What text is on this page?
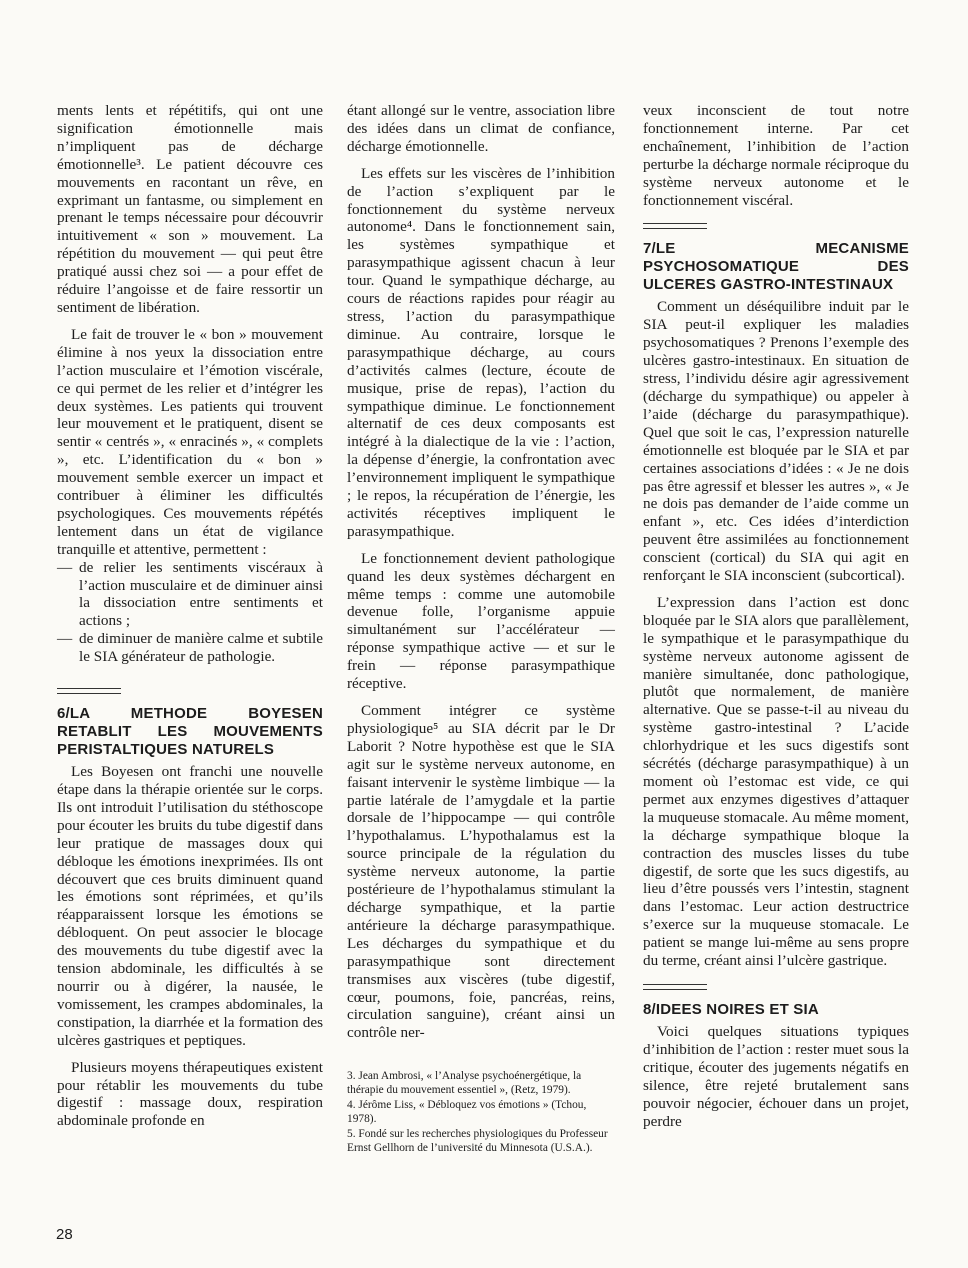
ments lents et répétitifs, qui ont une signification émotionnelle mais n’impliquent pas de décharge émotionnelle³. Le patient découvre ces mouvements en racontant un rêve, en exprimant un fantasme, ou simplement en prenant le temps nécessaire pour découvrir intuitivement « son » mouvement. La répétition du mouvement — qui peut être pratiqué aussi chez soi — a pour effet de réduire l’angoisse et de faire ressortir un sentiment de libération.

Le fait de trouver le « bon » mouvement élimine à nos yeux la dissociation entre l’action musculaire et l’émotion viscérale, ce qui permet de les relier et d’intégrer les deux systèmes. Les patients qui trouvent leur mouvement et le pratiquent, disent se sentir « centrés », « enracinés », « complets », etc. L’identification du « bon » mouvement semble exercer un impact et contribuer à éliminer les difficultés psychologiques. Ces mouvements répétés lentement dans un état de vigilance tranquille et attentive, permettent :

— de relier les sentiments viscéraux à l’action musculaire et de diminuer ainsi la dissociation entre sentiments et actions ;
— de diminuer de manière calme et subtile le SIA générateur de pathologie.
6/LA METHODE BOYESEN RETABLIT LES MOUVEMENTS PERISTALTIQUES NATURELS

Les Boyesen ont franchi une nouvelle étape dans la thérapie orientée sur le corps. Ils ont introduit l’utilisation du stéthoscope pour écouter les bruits du tube digestif dans leur pratique de massages doux qui débloque les émotions inexprimées. Ils ont découvert que ces bruits diminuent quand les émotions sont réprimées, et qu’ils réapparaissent lorsque les émotions se débloquent. On peut associer le blocage des mouvements du tube digestif avec la tension abdominale, les difficultés à se nourrir ou à digérer, la nausée, le vomissement, les crampes abdominales, la constipation, la diarrhée et la formation des ulcères gastriques et peptiques.

Plusieurs moyens thérapeutiques existent pour rétablir les mouvements du tube digestif : massage doux, respiration abdominale profonde en

étant allongé sur le ventre, association libre des idées dans un climat de confiance, décharge émotionnelle.

Les effets sur les viscères de l’inhibition de l’action s’expliquent par le fonctionnement du système nerveux autonome⁴. Dans le fonctionnement sain, les systèmes sympathique et parasympathique agissent chacun à leur tour. Quand le sympathique décharge, au cours de réactions rapides pour réagir au stress, l’action du parasympathique diminue. Au contraire, lorsque le parasympathique décharge, au cours d’activités calmes (lecture, écoute de musique, prise de repas), l’action du sympathique diminue. Le fonctionnement alternatif de ces deux composants est intégré à la dialectique de la vie : l’action, la dépense d’énergie, la confrontation avec l’environnement impliquent le sympathique ; le repos, la récupération de l’énergie, les activités réceptives impliquent le parasympathique.

Le fonctionnement devient pathologique quand les deux systèmes déchargent en même temps : comme une automobile devenue folle, l’organisme appuie simultanément sur l’accélérateur — réponse sympathique active — et sur le frein — réponse parasympathique réceptive.

Comment intégrer ce système physiologique⁵ au SIA décrit par le Dr Laborit ? Notre hypothèse est que le SIA agit sur le système nerveux autonome, en faisant intervenir le système limbique — la partie latérale de l’amygdale et la partie dorsale de l’hippocampe — qui contrôle l’hypothalamus. L’hypothalamus est la source principale de la régulation du système nerveux autonome, la partie postérieure de l’hypothalamus stimulant la décharge sympathique, et la partie antérieure la décharge parasympathique. Les décharges du sympathique et du parasympathique sont directement transmises aux viscères (tube digestif, cœur, poumons, foie, pancréas, reins, circulation sanguine), créant ainsi un contrôle ner-

3. Jean Ambrosi, « l’Analyse psychoénergétique, la thérapie du mouvement essentiel », (Retz, 1979).

4. Jérôme Liss, « Débloquez vos émotions » (Tchou, 1978).

5. Fondé sur les recherches physiologiques du Professeur Ernst Gellhorn de l’université du Minnesota (U.S.A.).

veux inconscient de tout notre fonctionnement interne. Par cet enchaînement, l’inhibition de l’action perturbe la décharge normale réciproque du système nerveux autonome et le fonctionnement viscéral.

7/LE MECANISME PSYCHOSOMATIQUE DES ULCERES GASTRO-INTESTINAUX

Comment un déséquilibre induit par le SIA peut-il expliquer les maladies psychosomatiques ? Prenons l’exemple des ulcères gastro-intestinaux. En situation de stress, l’individu désire agir agressivement (décharge du sympathique) ou appeler à l’aide (décharge du parasympathique). Quel que soit le cas, l’expression naturelle émotionnelle est bloquée par le SIA et par certaines associations d’idées : « Je ne dois pas être agressif et blesser les autres », « Je ne dois pas demander de l’aide comme un enfant », etc. Ces idées d’interdiction peuvent être assimilées au fonctionnement conscient (cortical) du SIA qui agit en renforçant le SIA inconscient (subcortical).

L’expression dans l’action est donc bloquée par le SIA alors que parallèlement, le sympathique et le parasympathique du système nerveux autonome agissent de manière simultanée, donc pathologique, plutôt que normalement, de manière alternative. Que se passe-t-il au niveau du système gastro-intestinal ? L’acide chlorhydrique et les sucs digestifs sont sécrétés (décharge parasympathique) à un moment où l’estomac est vide, ce qui permet aux enzymes digestives d’attaquer la muqueuse stomacale. Au même moment, la décharge sympathique bloque la contraction des muscles lisses du tube digestif, de sorte que les sucs digestifs, au lieu d’être poussés vers l’intestin, stagnent dans l’estomac. Leur action destructrice s’exerce sur la muqueuse stomacale. Le patient se mange lui-même au sens propre du terme, créant ainsi l’ulcère gastrique.

8/IDEES NOIRES ET SIA

Voici quelques situations typiques d’inhibition de l’action : rester muet sous la critique, écouter des jugements négatifs en silence, être rejeté brutalement sans pouvoir négocier, échouer dans un projet, perdre

28
